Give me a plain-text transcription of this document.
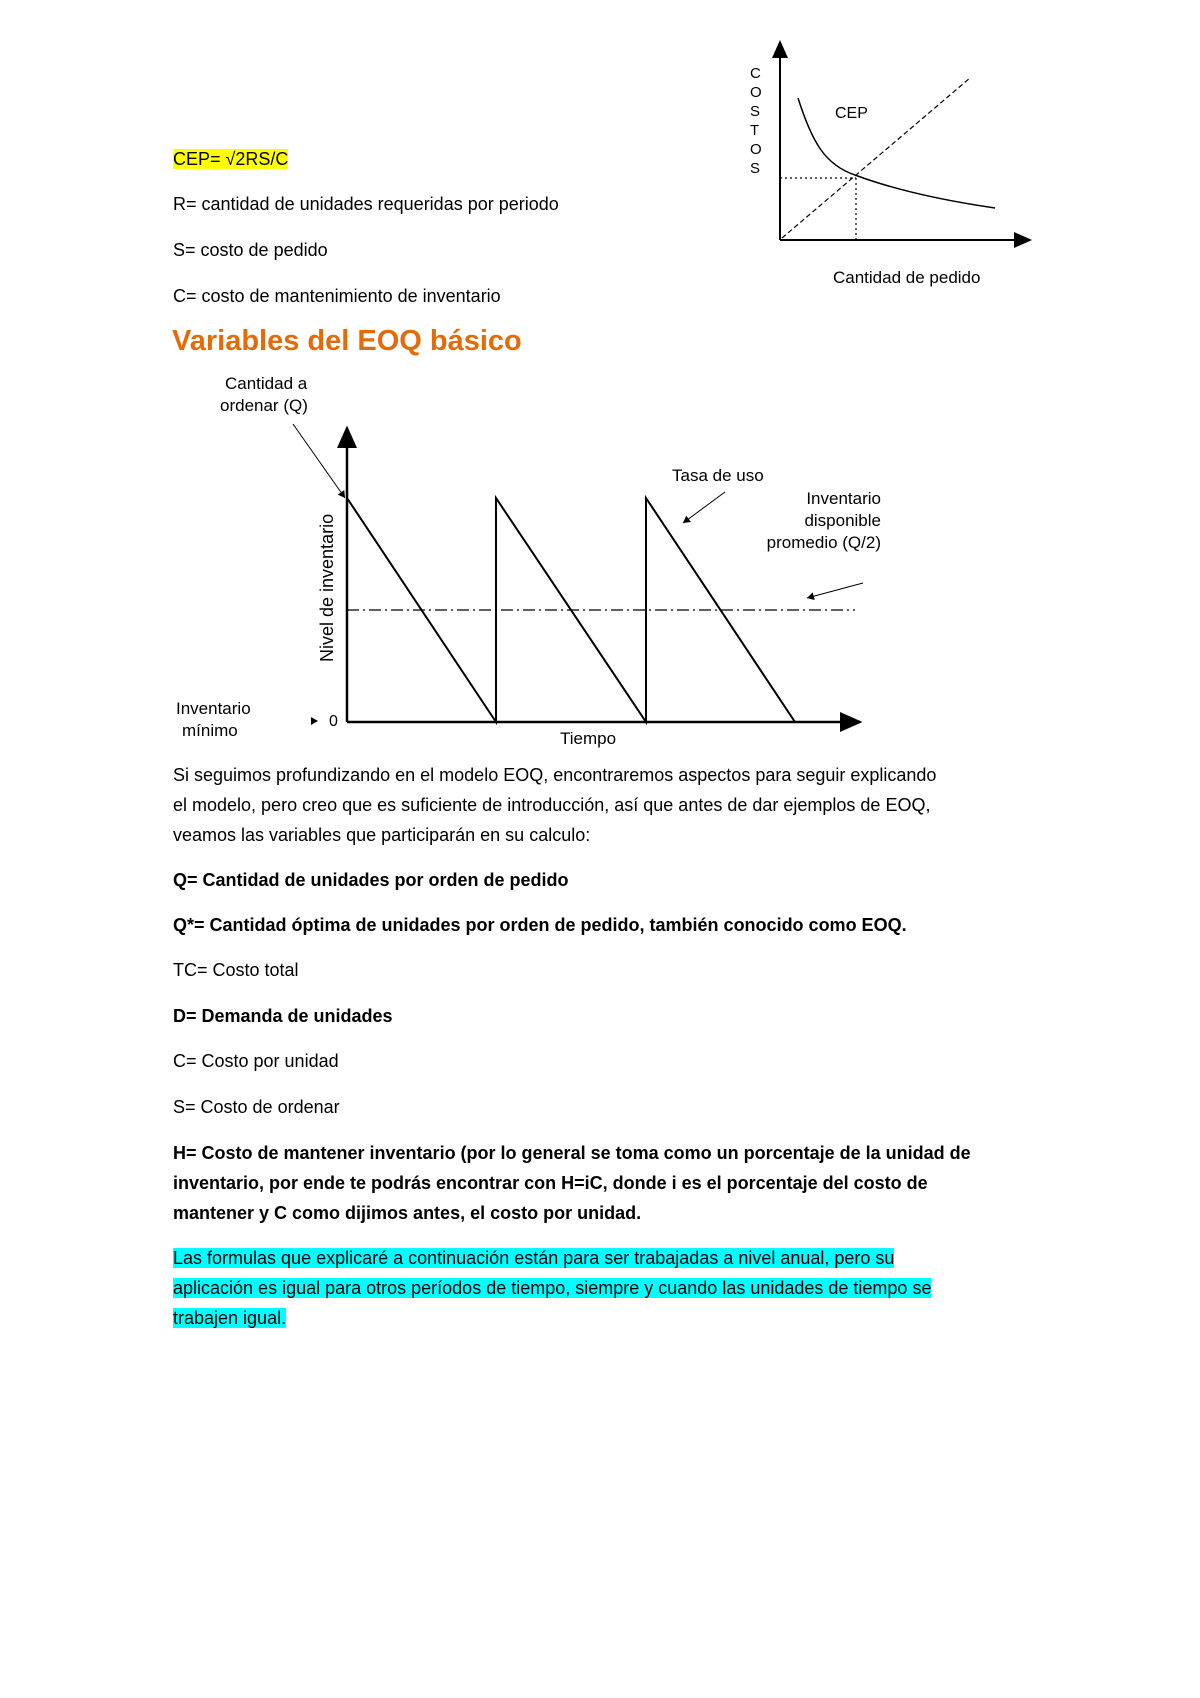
CEP= √2RS/C
R= cantidad de unidades requeridas por periodo
S= costo de pedido
C= costo de mantenimiento de inventario
C
O
S
T
O
S
CEP
Cantidad de pedido
Variables del EOQ básico
Cantidad a
ordenar (Q)
Tasa de uso
Inventario
disponible
promedio (Q/2)
Nivel de inventario
0
Inventario
mínimo	Tiempo
Si seguimos profundizando en el modelo EOQ, encontraremos aspectos para seguir explicando
el modelo, pero creo que es suficiente de introducción, así que antes de dar ejemplos de EOQ,
veamos las variables que participarán en su calculo:
Q= Cantidad de unidades por orden de pedido
Q*= Cantidad óptima de unidades por orden de pedido, también conocido como EOQ.
TC= Costo total
D= Demanda de unidades
C= Costo por unidad
S= Costo de ordenar
H= Costo de mantener inventario (por lo general se toma como un porcentaje de la unidad de
inventario, por ende te podrás encontrar con H=iC, donde i es el porcentaje del costo de
mantener y C como dijimos antes, el costo por unidad.
Las formulas que explicaré a continuación están para ser trabajadas a nivel anual, pero su
aplicación es igual para otros períodos de tiempo, siempre y cuando las unidades de tiempo se
trabajen igual.
